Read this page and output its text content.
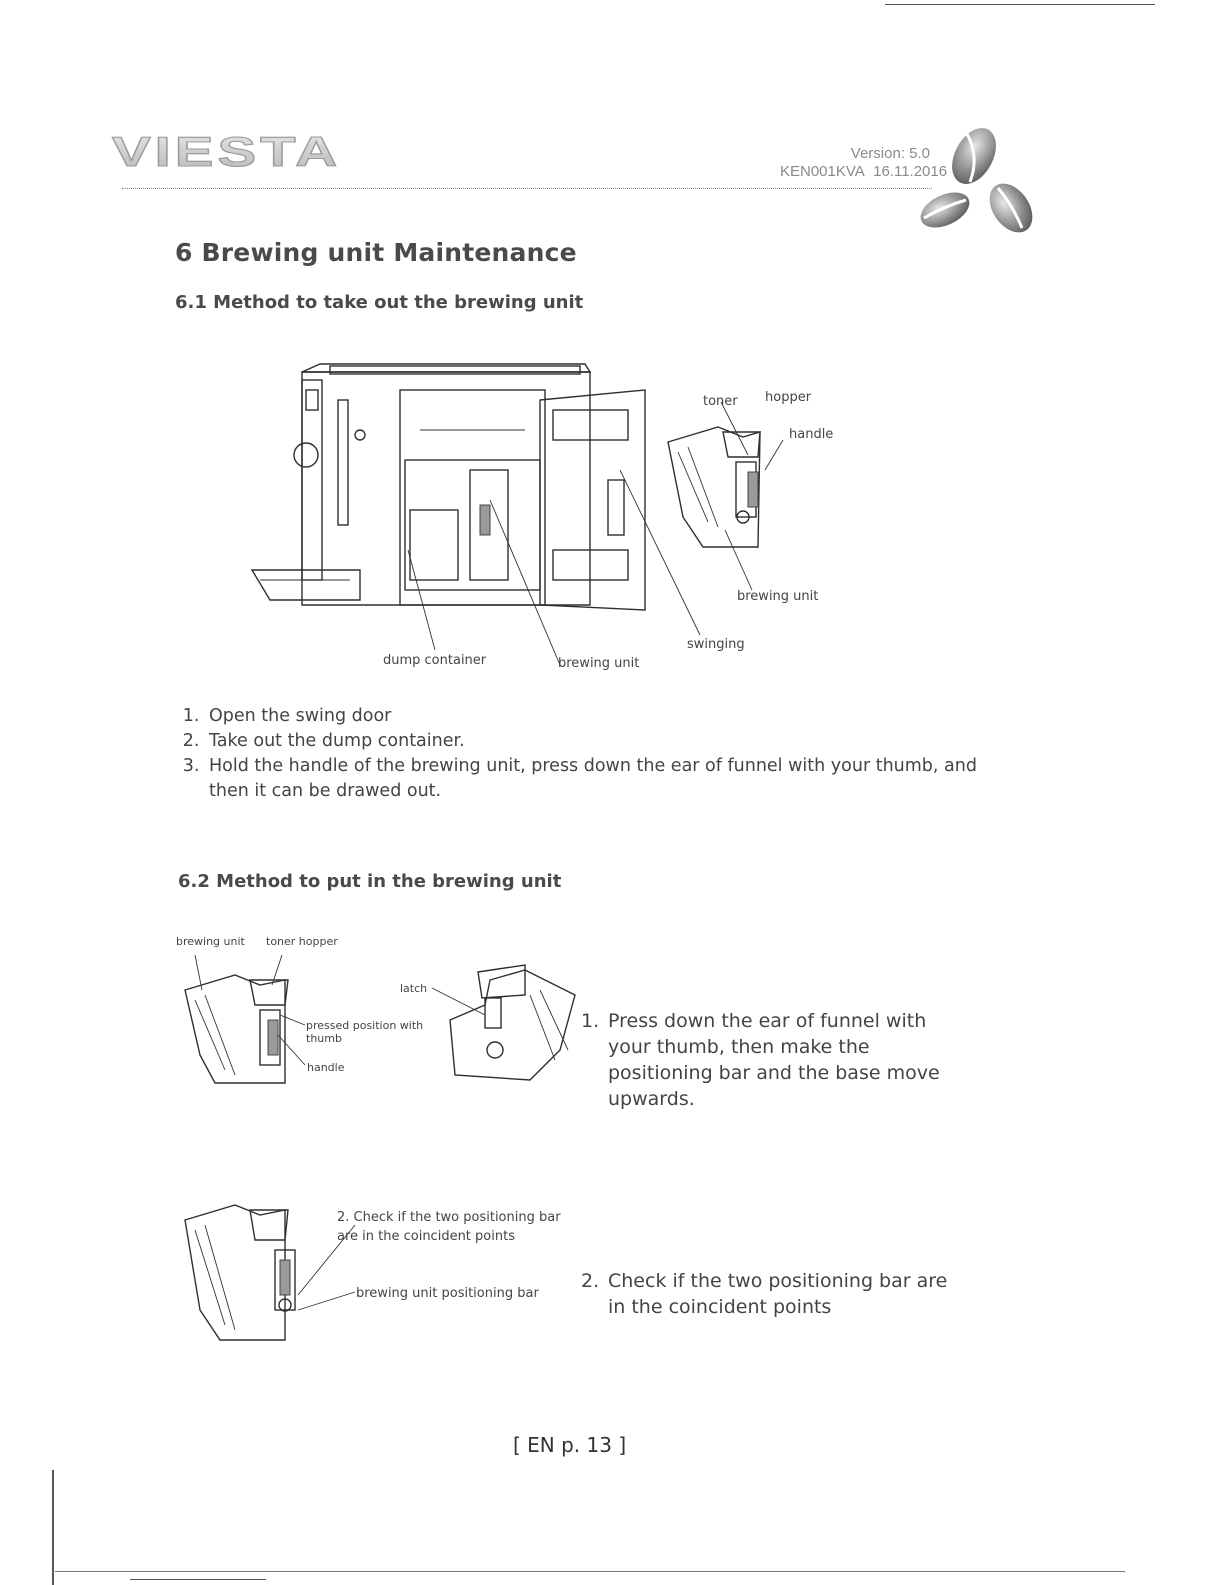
VIESTA	Version: 5.0
KEN001KVA 16.11.2016
6 Brewing unit Maintenance
6.1 Method to take out the brewing unit
toner hopper
handle
brewing unit
swinging
dump container	brewing unit
1. Open the swing door
2. Take out the dump container.
3. Hold the handle of the brewing unit, press down the ear of funnel with your thumb, and then it can be drawed out.
6.2 Method to put in the brewing unit
brewing unit toner hopper
pressed position with thumb
handle
latch
1. Press down the ear of funnel with your thumb, then make the positioning bar and the base move upwards.
2. Check if the two positioning bar are in the coincident points
brewing unit positioning bar
2. Check if the two positioning bar are in the coincident points
[ EN p. 13 ]
